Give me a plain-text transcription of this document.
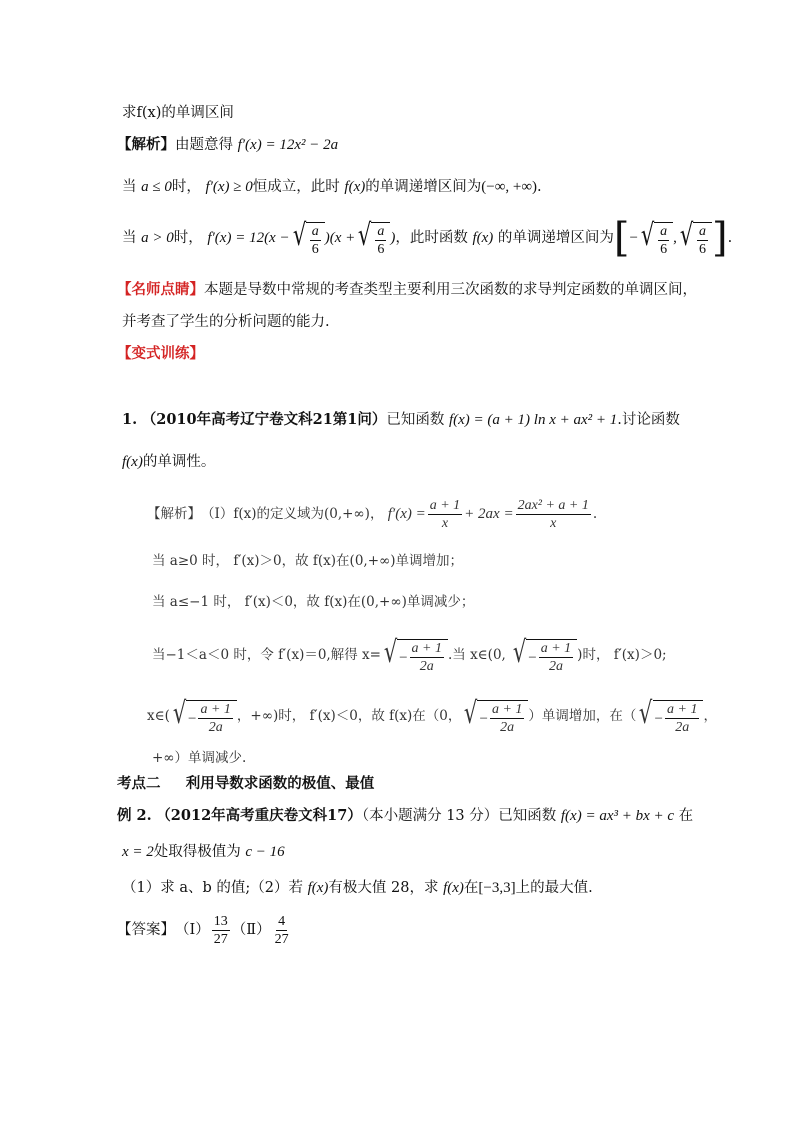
求f(x)的单调区间
【解析】由题意得 f′(x) = 12x² − 2a
当 a ≤ 0时， f′(x) ≥ 0恒成立，此时 f(x)的单调递增区间为(−∞, +∞).
当
a > 0 时，
f′(x) = 12(x − √ $\frac{a}{6} )(x$ + √ $\frac{a}{6}$ ) ，此时函数
f(x)
的单调递增区间为 [ − √ $\frac{a}{6}$ , √ $\frac{a}{6}$ ] .
【名师点睛】本题是导数中常规的考查类型主要利用三次函数的求导判定函数的单调区间，
并考查了学生的分析问题的能力.
【变式训练】
1. （2010年高考辽宁卷文科21第1问）已知函数 f(x) = (a + 1) ln x + ax² + 1.讨论函数
f(x)的单调性。
【解析】 （Ⅰ）f(x)的定义域为(0,+∞)，
$f'(x) = \frac{a + 1}{x} + 2ax = \frac{\text{2ax² + a + 1}}{x}$ .
当 a≥0 时， f′(x)＞0，故 f(x)在(0,+∞)单调增加；
当 a≤−1 时， f′(x)＜0，故 f(x)在(0,+∞)单调减少；
当−1＜a＜0 时，令 f′(x)＝0,解得 x= √ − $\frac{a + 1}{2a}$ .当 x∈(0,
√ − $\frac{a + 1}{2a}$ )时， f′(x)＞0;
x∈( √ − $\frac{a + 1}{2a}$ ，+∞)时， f′(x)＜0，故 f(x)在（0， √ − $\frac{a + 1}{2a}$ ）单调增加，在（ √ − $\frac{a + 1}{2a}$ ，
+∞）单调减少.
考点二 利用导数求函数的极值、最值
例 2. （2012年高考重庆卷文科17）（本小题满分 13 分）已知函数 f(x) = ax³ + bx + c 在
x = 2处取得极值为 c − 16
（1）求 a、b 的值;（2）若 f(x)有极大值 28，求 f(x)在[−3,3]上的最大值.
【答案】 （Ⅰ） $\frac{13}{27}$ （Ⅱ） $\frac{4}{27}$
